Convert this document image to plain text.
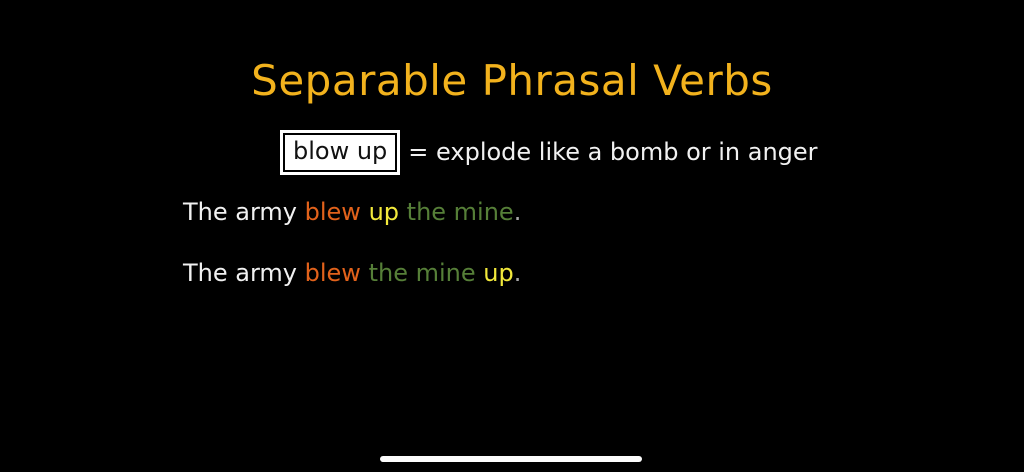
Separable Phrasal Verbs
blow up = explode like a bomb or in anger

The army blew up the mine.

The army blew the mine up.
